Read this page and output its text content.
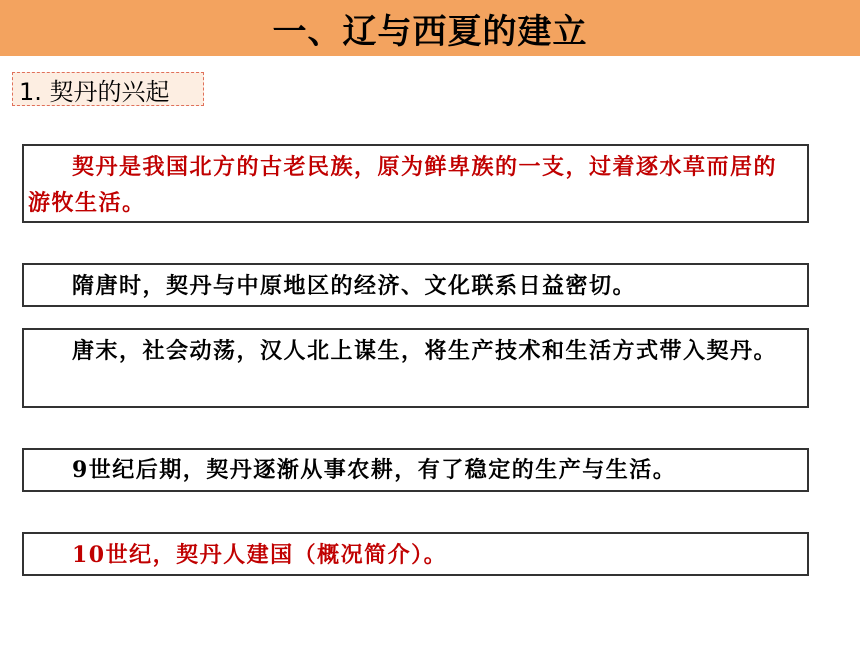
一、辽与西夏的建立
1. 契丹的兴起
契丹是我国北方的古老民族，原为鲜卑族的一支，过着逐水草而居的游牧生活。
隋唐时，契丹与中原地区的经济、文化联系日益密切。
唐末，社会动荡，汉人北上谋生，将生产技术和生活方式带入契丹。
9世纪后期，契丹逐渐从事农耕，有了稳定的生产与生活。
10世纪，契丹人建国（概况简介）。
